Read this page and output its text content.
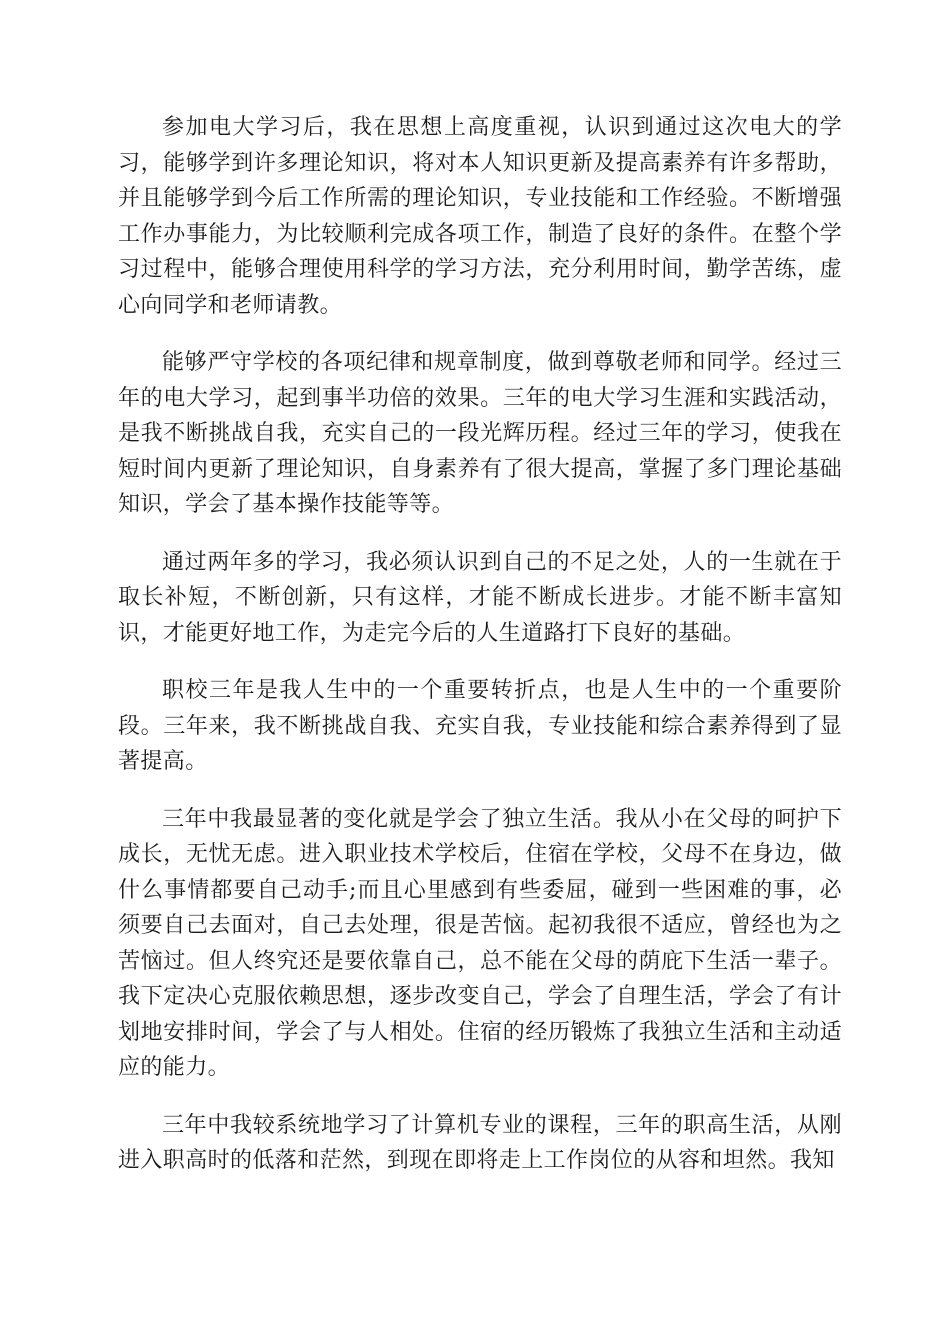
参加电大学习后，我在思想上高度重视，认识到通过这次电大的学习，能够学到许多理论知识，将对本人知识更新及提高素养有许多帮助，并且能够学到今后工作所需的理论知识，专业技能和工作经验。不断增强工作办事能力，为比较顺利完成各项工作，制造了良好的条件。在整个学习过程中，能够合理使用科学的学习方法，充分利用时间，勤学苦练，虚心向同学和老师请教。

能够严守学校的各项纪律和规章制度，做到尊敬老师和同学。经过三年的电大学习，起到事半功倍的效果。三年的电大学习生涯和实践活动，是我不断挑战自我，充实自己的一段光辉历程。经过三年的学习，使我在短时间内更新了理论知识，自身素养有了很大提高，掌握了多门理论基础知识，学会了基本操作技能等等。

通过两年多的学习，我必须认识到自己的不足之处，人的一生就在于取长补短，不断创新，只有这样，才能不断成长进步。才能不断丰富知识，才能更好地工作，为走完今后的人生道路打下良好的基础。

职校三年是我人生中的一个重要转折点，也是人生中的一个重要阶段。三年来，我不断挑战自我、充实自我，专业技能和综合素养得到了显著提高。

三年中我最显著的变化就是学会了独立生活。我从小在父母的呵护下成长，无忧无虑。进入职业技术学校后，住宿在学校，父母不在身边，做什么事情都要自己动手;而且心里感到有些委屈，碰到一些困难的事，必须要自己去面对，自己去处理，很是苦恼。起初我很不适应，曾经也为之苦恼过。但人终究还是要依靠自己，总不能在父母的荫庇下生活一辈子。我下定决心克服依赖思想，逐步改变自己，学会了自理生活，学会了有计划地安排时间，学会了与人相处。住宿的经历锻炼了我独立生活和主动适应的能力。

三年中我较系统地学习了计算机专业的课程，三年的职高生活，从刚进入职高时的低落和茫然，到现在即将走上工作岗位的从容和坦然。我知
